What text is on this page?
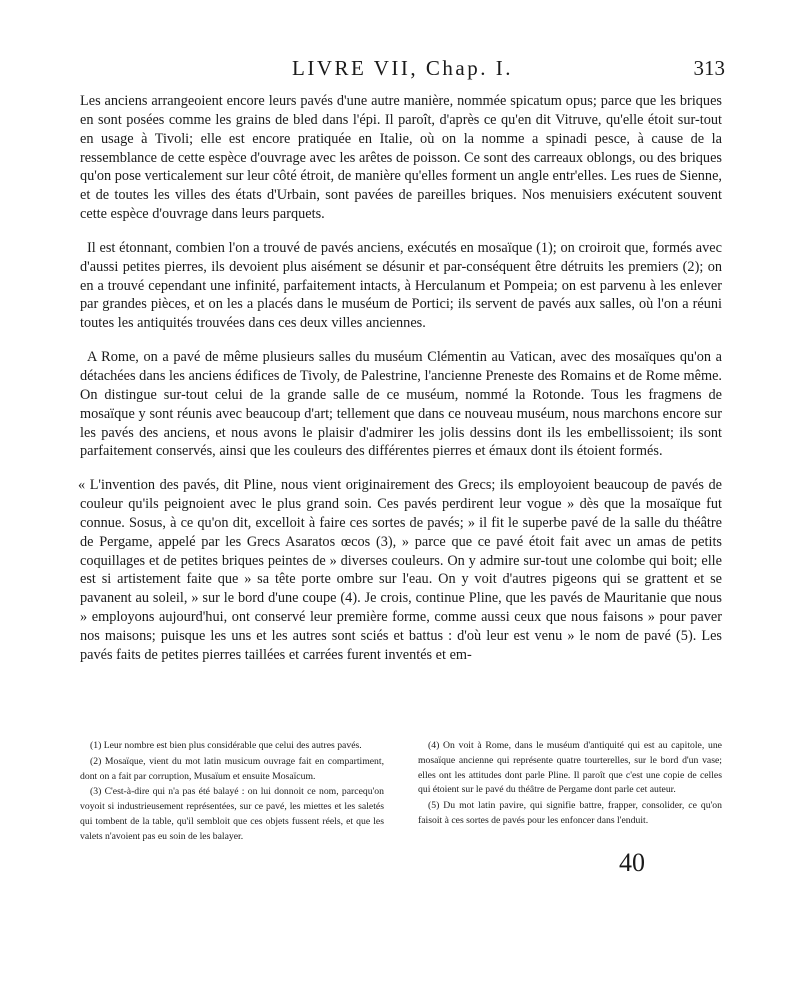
LIVRE VII, Chap. I.	313

Les anciens arrangeoient encore leurs pavés d'une autre manière, nommée spicatum opus; parce que les briques en sont posées comme les grains de bled dans l'épi. Il paroît, d'après ce qu'en dit Vitruve, qu'elle étoit sur-tout en usage à Tivoli; elle est encore pratiquée en Italie, où on la nomme a spinadi pesce, à cause de la ressemblance de cette espèce d'ouvrage avec les arêtes de poisson. Ce sont des carreaux oblongs, ou des briques qu'on pose verticalement sur leur côté étroit, de manière qu'elles forment un angle entr'elles. Les rues de Sienne, et de toutes les villes des états d'Urbain, sont pavées de pareilles briques. Nos menuisiers exécutent souvent cette espèce d'ouvrage dans leurs parquets.

Il est étonnant, combien l'on a trouvé de pavés anciens, exécutés en mosaïque (1); on croiroit que, formés avec d'aussi petites pierres, ils devoient plus aisément se désunir et par-conséquent être détruits les premiers (2); on en a trouvé cependant une infinité, parfaitement intacts, à Herculanum et Pompeia; on est parvenu à les enlever par grandes pièces, et on les a placés dans le muséum de Portici; ils servent de pavés aux salles, où l'on a réuni toutes les antiquités trouvées dans ces deux villes anciennes.

A Rome, on a pavé de même plusieurs salles du muséum Clémentin au Vatican, avec des mosaïques qu'on a détachées dans les anciens édifices de Tivoly, de Palestrine, l'ancienne Preneste des Romains et de Rome même. On distingue sur-tout celui de la grande salle de ce muséum, nommé la Rotonde. Tous les fragmens de mosaïque y sont réunis avec beaucoup d'art; tellement que dans ce nouveau muséum, nous marchons encore sur les pavés des anciens, et nous avons le plaisir d'admirer les jolis dessins dont ils les embellissoient; ils sont parfaitement conservés, ainsi que les couleurs des différentes pierres et émaux dont ils étoient formés.

« L'invention des pavés, dit Pline, nous vient originairement des Grecs; ils employoient beaucoup de pavés de couleur qu'ils peignoient avec le plus grand soin. Ces pavés perdirent leur vogue » dès que la mosaïque fut connue. Sosus, à ce qu'on dit, excelloit à faire ces sortes de pavés; » il fit le superbe pavé de la salle du théâtre de Pergame, appelé par les Grecs Asaratos œcos (3), » parce que ce pavé étoit fait avec un amas de petits coquillages et de petites briques peintes de » diverses couleurs. On y admire sur-tout une colombe qui boit; elle est si artistement faite que » sa tête porte ombre sur l'eau. On y voit d'autres pigeons qui se grattent et se pavanent au soleil, » sur le bord d'une coupe (4). Je crois, continue Pline, que les pavés de Mauritanie que nous » employons aujourd'hui, ont conservé leur première forme, comme aussi ceux que nous faisons » pour paver nos maisons; puisque les uns et les autres sont sciés et battus : d'où leur est venu » le nom de pavé (5). Les pavés faits de petites pierres taillées et carrées furent inventés et em-

(1) Leur nombre est bien plus considérable que celui des autres pavés.

(2) Mosaïque, vient du mot latin musicum ouvrage fait en compartiment, dont on a fait par corruption, Musaïum et ensuite Mosaïcum.

(3) C'est-à-dire qui n'a pas été balayé : on lui donnoit ce nom, parcequ'on voyoit si industrieusement représentées, sur ce pavé, les miettes et les saletés qui tombent de la table, qu'il sembloit que ces objets fussent réels, et que les valets n'avoient pas eu soin de les balayer.

(4) On voit à Rome, dans le muséum d'antiquité qui est au capitole, une mosaïque ancienne qui représente quatre tourterelles, sur le bord d'un vase; elles ont les attitudes dont parle Pline. Il paroît que c'est une copie de celles qui étoient sur le pavé du théâtre de Pergame dont parle cet auteur.

(5) Du mot latin pavire, qui signifie battre, frapper, consolider, ce qu'on faisoit à ces sortes de pavés pour les enfoncer dans l'enduit.

40
